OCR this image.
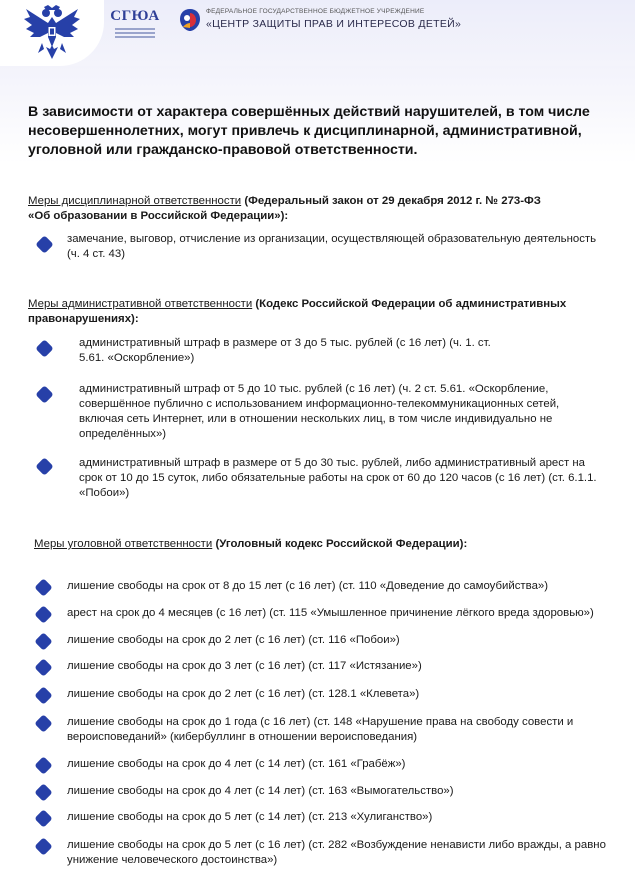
СГЮА	ФЕДЕРАЛЬНОЕ ГОСУДАРСТВЕННОЕ БЮДЖЕТНОЕ УЧРЕЖДЕНИЕ
«ЦЕНТР ЗАЩИТЫ ПРАВ И ИНТЕРЕСОВ ДЕТЕЙ»
В зависимости от характера совершённых действий нарушителей, в том числе несовершеннолетних, могут привлечь к дисциплинарной, административной, уголовной или гражданско-правовой ответственности.
Меры дисциплинарной ответственности (Федеральный закон от 29 декабря 2012 г. № 273-ФЗ «Об образовании в Российской Федерации»):
замечание, выговор, отчисление из организации, осуществляющей образовательную деятельность (ч. 4 ст. 43)
Меры административной ответственности (Кодекс Российской Федерации об административных правонарушениях):
административный штраф в размере от 3 до 5 тыс. рублей (с 16 лет) (ч. 1. ст. 5.61. «Оскорбление»)
административный штраф от 5 до 10 тыс. рублей (с 16 лет) (ч. 2 ст. 5.61. «Оскорбление, совершённое публично с использованием информационно-телекоммуникационных сетей, включая сеть Интернет, или в отношении нескольких лиц, в том числе индивидуально не определённых»)
административный штраф в размере от 5 до 30 тыс. рублей, либо административный арест на срок от 10 до 15 суток, либо обязательные работы на срок от 60 до 120 часов (с 16 лет) (ст. 6.1.1. «Побои»)
Меры уголовной ответственности (Уголовный кодекс Российской Федерации):
лишение свободы на срок от 8 до 15 лет (с 16 лет) (ст. 110 «Доведение до самоубийства»)
арест на срок до 4 месяцев (с 16 лет) (ст. 115 «Умышленное причинение лёгкого вреда здоровью»)
лишение свободы на срок до 2 лет (с 16 лет) (ст. 116 «Побои»)
лишение свободы на срок до 3 лет (с 16 лет) (ст. 117 «Истязание»)
лишение свободы на срок до 2 лет (с 16 лет) (ст. 128.1 «Клевета»)
лишение свободы на срок до 1 года (с 16 лет) (ст. 148 «Нарушение права на свободу совести и вероисповеданий» (кибербуллинг в отношении вероисповедания)
лишение свободы на срок до 4 лет (с 14 лет) (ст. 161 «Грабёж»)
лишение свободы на срок до 4 лет (с 14 лет) (ст. 163 «Вымогательство»)
лишение свободы на срок до 5 лет (с 14 лет) (ст. 213 «Хулиганство»)
лишение свободы на срок до 5 лет (с 16 лет) (ст. 282 «Возбуждение ненависти либо вражды, а равно унижение человеческого достоинства»)
